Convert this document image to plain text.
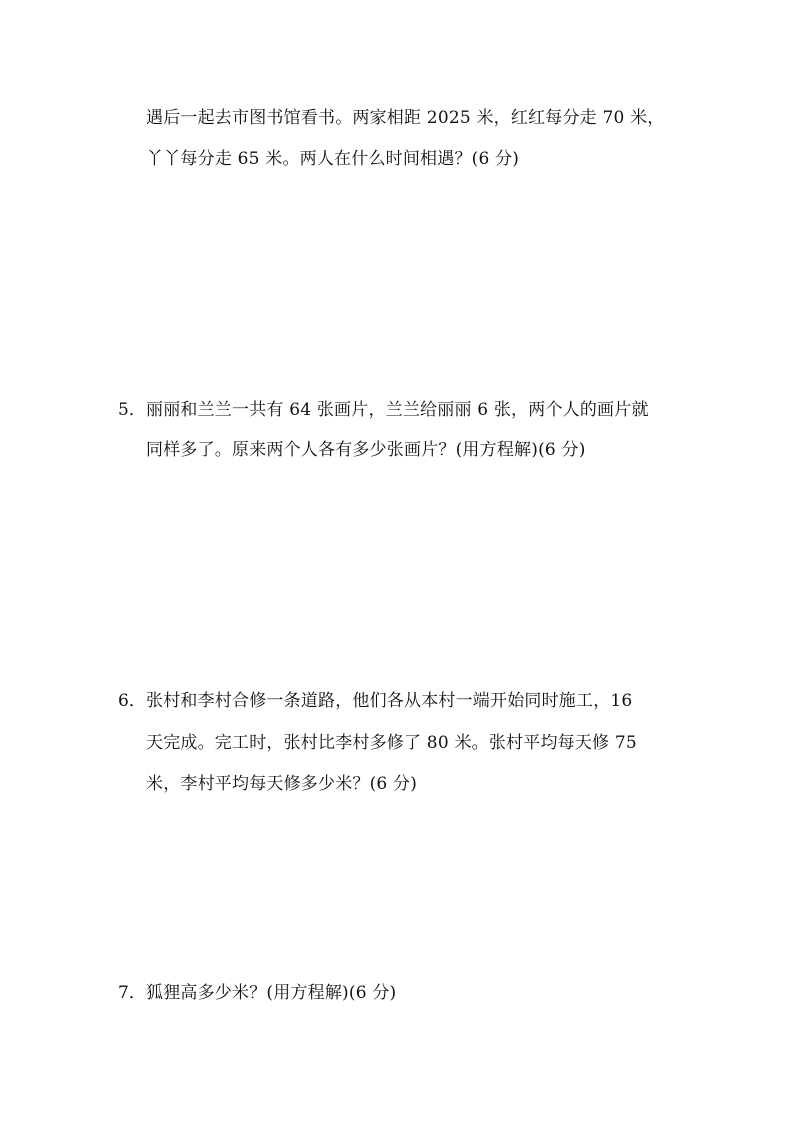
遇后一起去市图书馆看书。两家相距 2025 米，红红每分走 70 米，
丫丫每分走 65 米。两人在什么时间相遇？(6 分)
5． 丽丽和兰兰一共有 64 张画片，兰兰给丽丽 6 张，两个人的画片就
同样多了。原来两个人各有多少张画片？(用方程解)(6 分)
6． 张村和李村合修一条道路，他们各从本村一端开始同时施工，16
天完成。完工时，张村比李村多修了 80 米。张村平均每天修 75
米，李村平均每天修多少米？(6 分)
7． 狐狸高多少米？(用方程解)(6 分)
